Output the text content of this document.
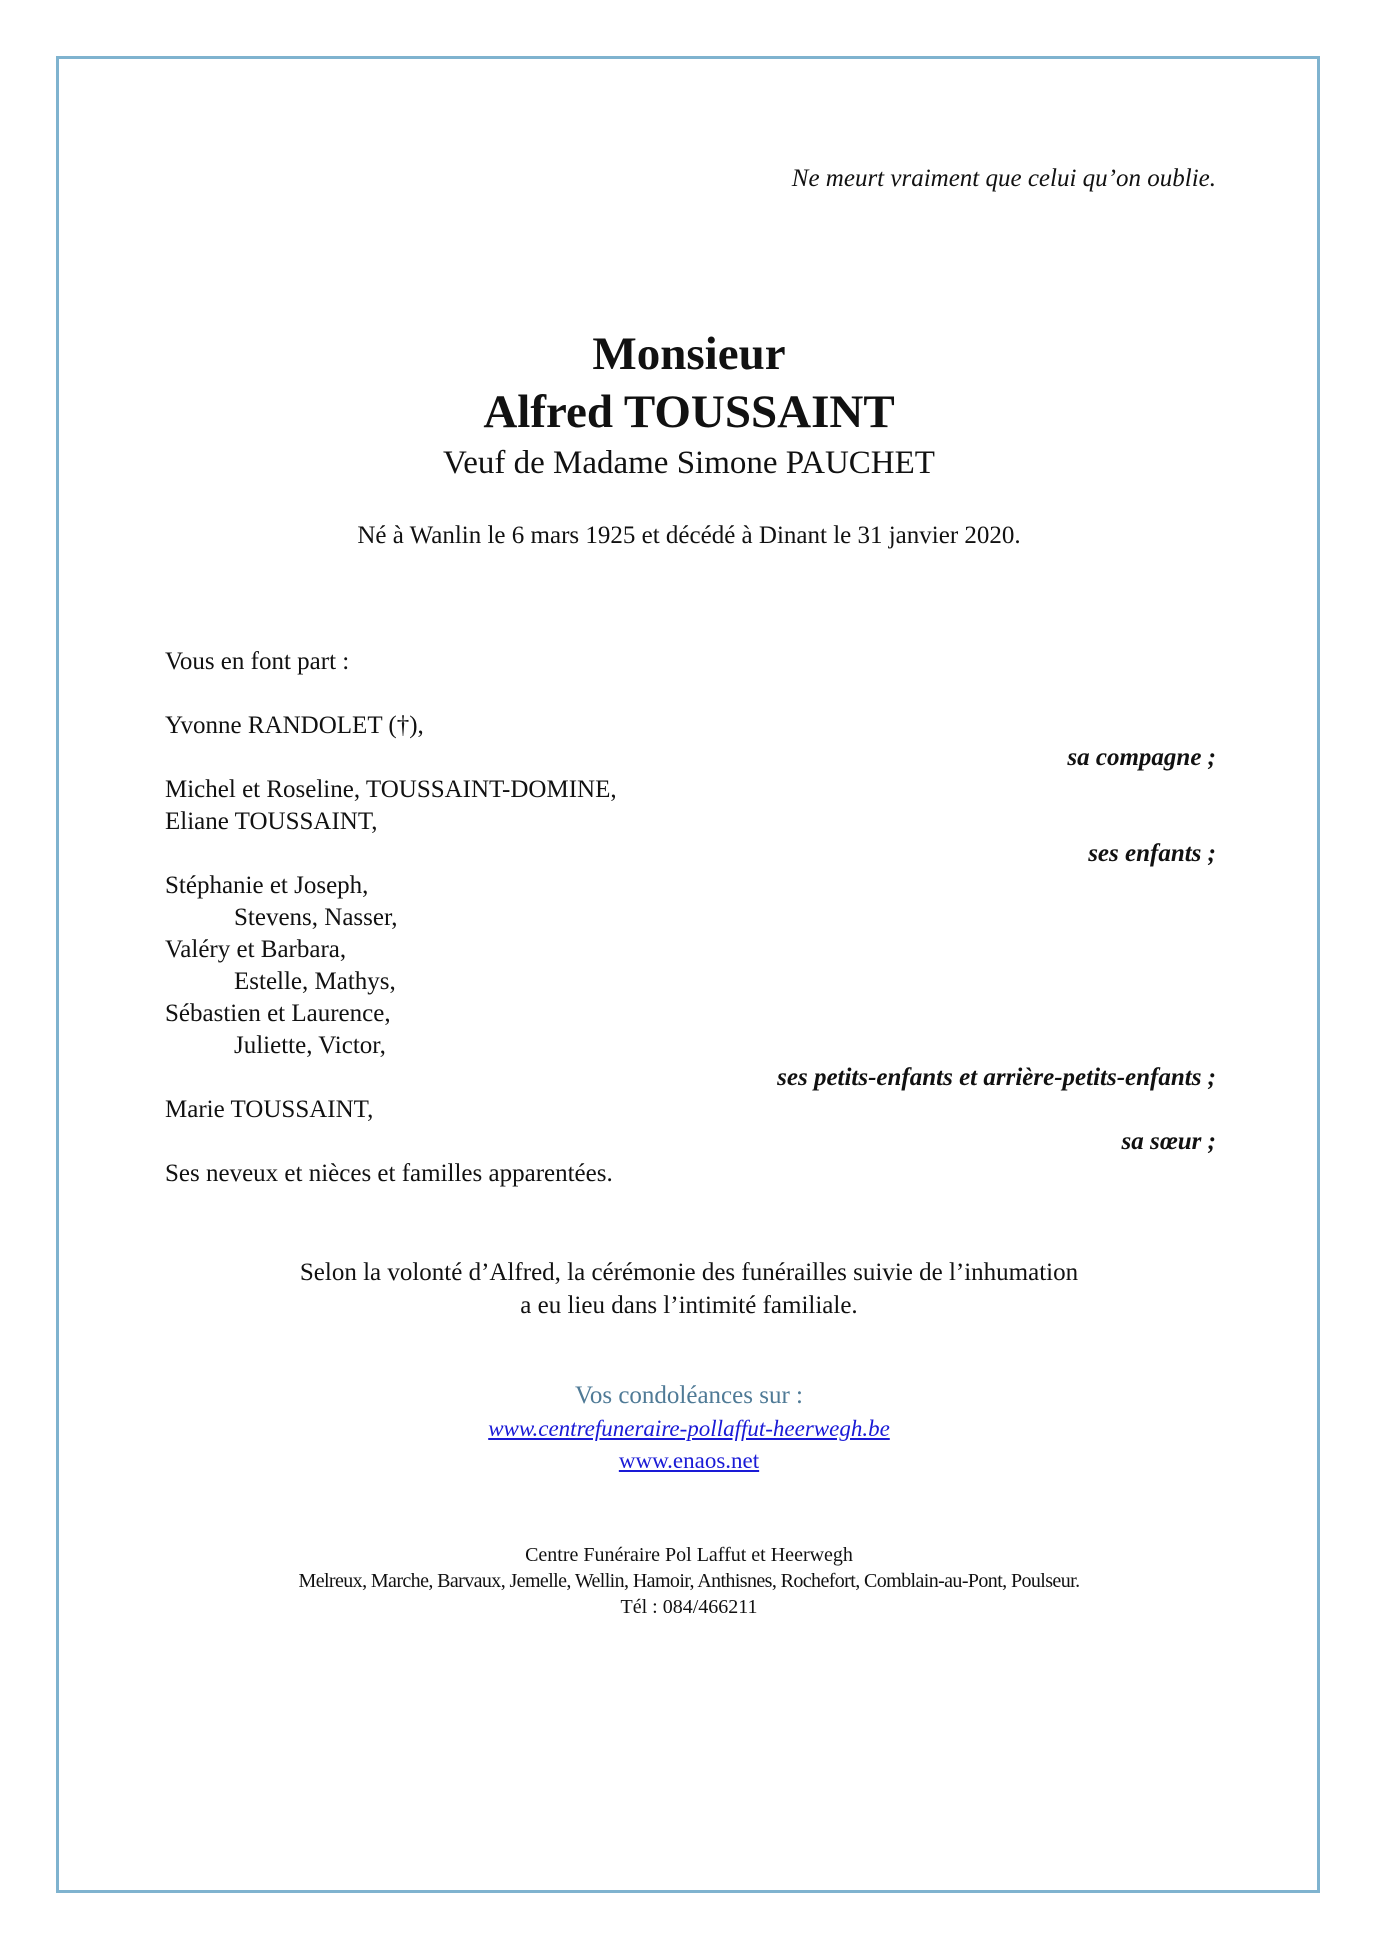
Ne meurt vraiment que celui qu’on oublie.

Monsieur
Alfred TOUSSAINT

Veuf de Madame Simone PAUCHET

Né à Wanlin le 6 mars 1925 et décédé à Dinant le 31 janvier 2020.

Vous en font part :

Yvonne RANDOLET (†),

sa compagne ;

Michel et Roseline, TOUSSAINT-DOMINE,

Eliane TOUSSAINT,

ses enfants ;

Stéphanie et Joseph,

Stevens, Nasser,

Valéry et Barbara,

Estelle, Mathys,

Sébastien et Laurence,

Juliette, Victor,

ses petits-enfants et arrière-petits-enfants ;

Marie TOUSSAINT,

sa sœur ;

Ses neveux et nièces et familles apparentées.

Selon la volonté d’Alfred, la cérémonie des funérailles suivie de l’inhumation

a eu lieu dans l’intimité familiale.

Vos condoléances sur :

www.centrefuneraire-pollaffut-heerwegh.be
www.enaos.net

Centre Funéraire Pol Laffut et Heerwegh

Melreux, Marche, Barvaux, Jemelle, Wellin, Hamoir, Anthisnes, Rochefort, Comblain-au-Pont, Poulseur.

Tél : 084/466211
